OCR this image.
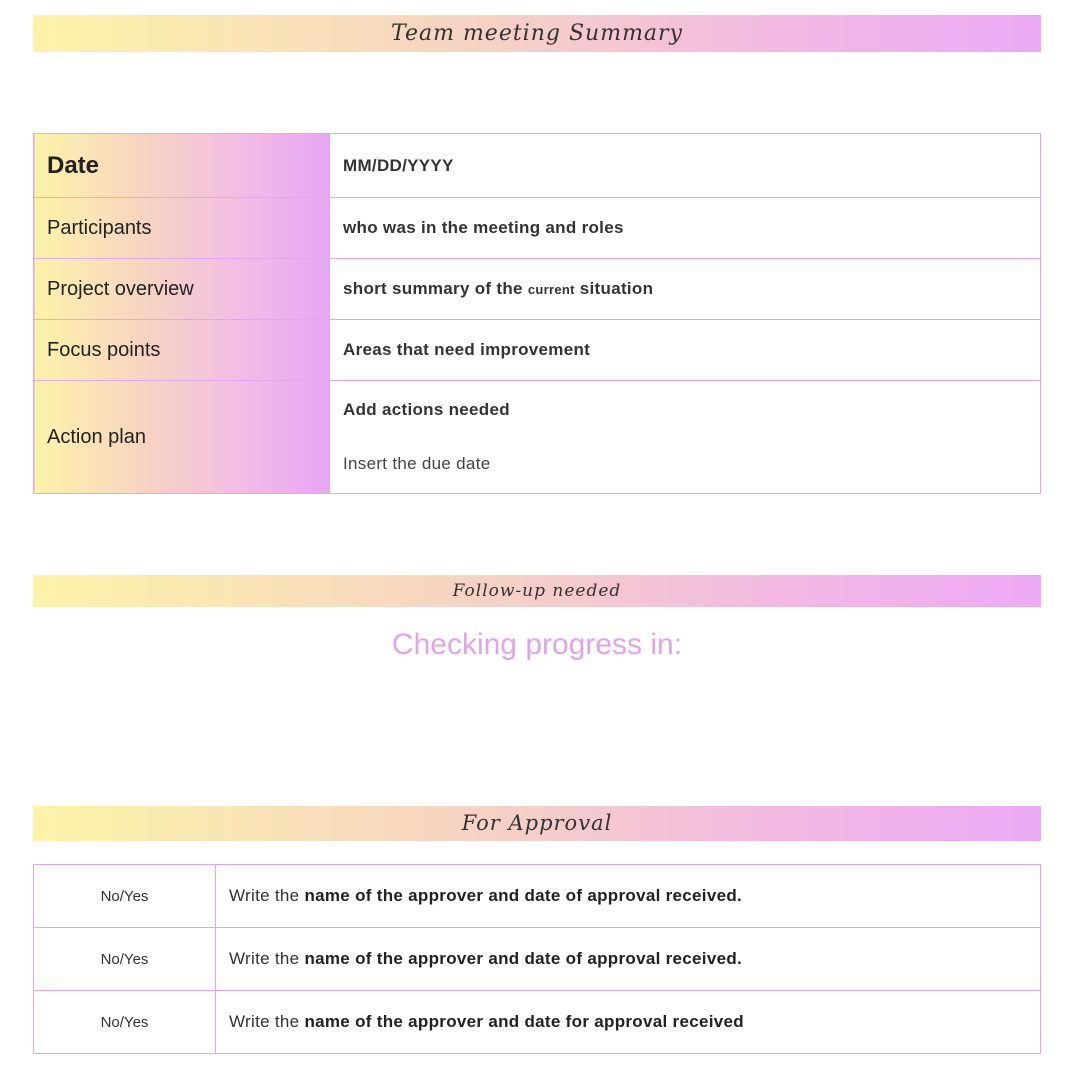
Team meeting Summary
Date	MM/DD/YYYY
Participants	who was in the meeting and roles
Project overview	short summary of the current situation
Focus points	Areas that need improvement
Action plan	Add actions needed
Insert the due date
Follow-up needed
Checking progress in:
For Approval
No/Yes	Write the name of the approver and date of approval received.
No/Yes	Write the name of the approver and date of approval received.
No/Yes	Write the name of the approver and date for approval received
